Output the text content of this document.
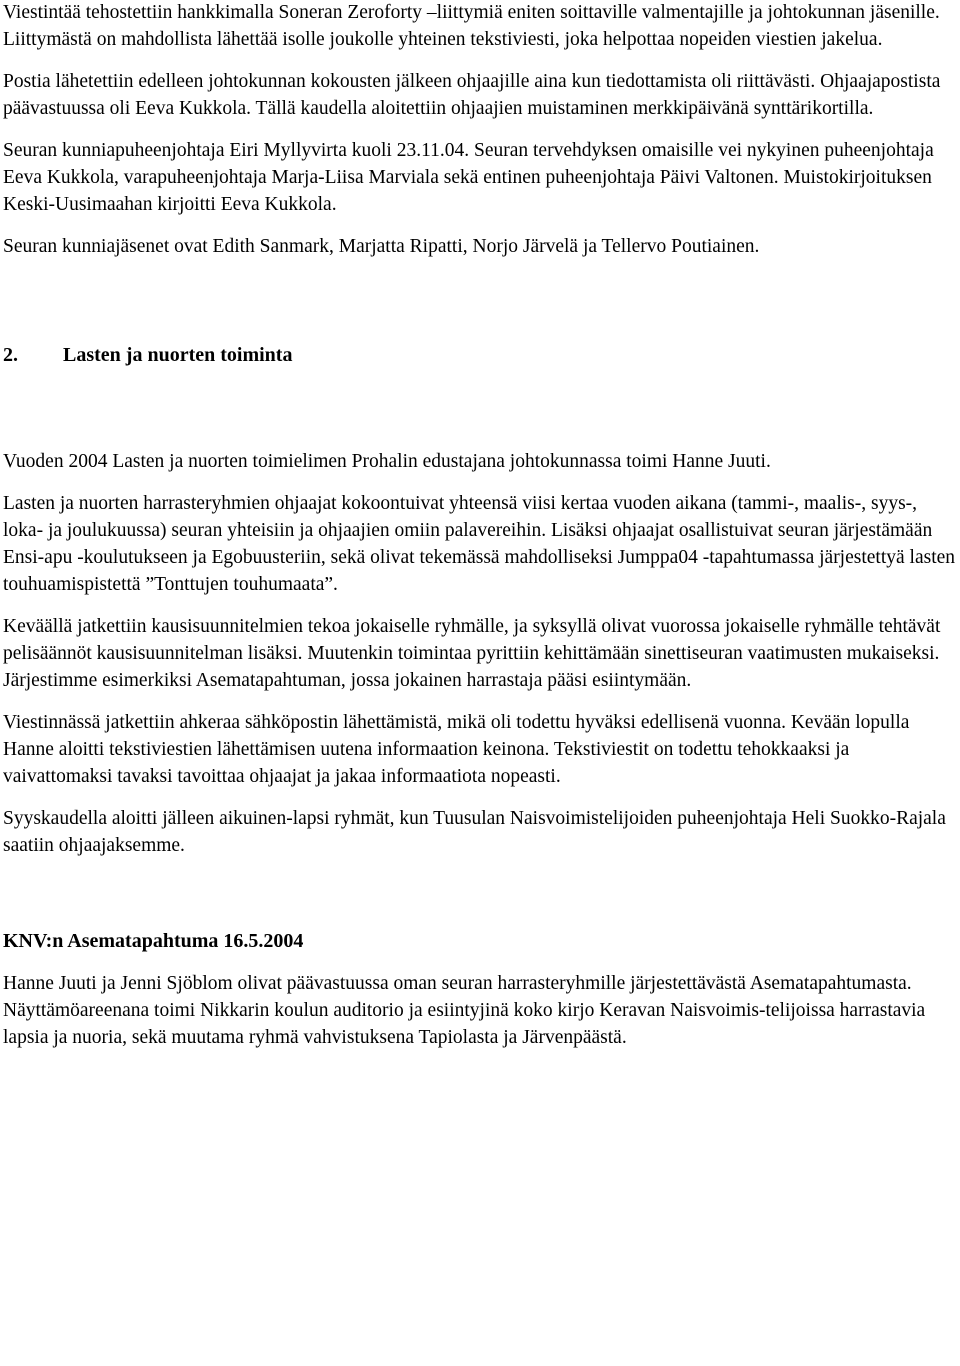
Viestintää tehostettiin hankkimalla Soneran Zeroforty –liittymiä eniten soittaville valmentajille ja johtokunnan jäsenille. Liittymästä on mahdollista lähettää isolle joukolle yhteinen tekstiviesti, joka helpottaa nopeiden viestien jakelua.

Postia lähetettiin edelleen johtokunnan kokousten jälkeen ohjaajille aina kun tiedottamista oli riittävästi. Ohjaajapostista päävastuussa oli Eeva Kukkola. Tällä kaudella aloitettiin ohjaajien muistaminen merkkipäivänä synttärikortilla.

Seuran kunniapuheenjohtaja Eiri Myllyvirta kuoli 23.11.04. Seuran tervehdyksen omaisille vei nykyinen puheenjohtaja Eeva Kukkola, varapuheenjohtaja Marja-Liisa Marviala sekä entinen puheenjohtaja Päivi Valtonen. Muistokirjoituksen Keski-Uusimaahan kirjoitti Eeva Kukkola.

Seuran kunniajäsenet ovat Edith Sanmark, Marjatta Ripatti, Norjo Järvelä ja Tellervo Poutiainen.

2. Lasten ja nuorten toiminta

Vuoden 2004 Lasten ja nuorten toimielimen Prohalin edustajana johtokunnassa toimi Hanne Juuti.

Lasten ja nuorten harrasteryhmien ohjaajat kokoontuivat yhteensä viisi kertaa vuoden aikana (tammi-, maalis-, syys-, loka- ja joulukuussa) seuran yhteisiin ja ohjaajien omiin palavereihin. Lisäksi ohjaajat osallistuivat seuran järjestämään Ensi-apu -koulutukseen ja Egobuusteriin, sekä olivat tekemässä mahdolliseksi Jumppa04 -tapahtumassa järjestettyä lasten touhuamispistettä ”Tonttujen touhumaata”.

Keväällä jatkettiin kausisuunnitelmien tekoa jokaiselle ryhmälle, ja syksyllä olivat vuorossa jokaiselle ryhmälle tehtävät pelisäännöt kausisuunnitelman lisäksi. Muutenkin toimintaa pyrittiin kehittämään sinettiseuran vaatimusten mukaiseksi. Järjestimme esimerkiksi Asematapahtuman, jossa jokainen harrastaja pääsi esiintymään.

Viestinnässä jatkettiin ahkeraa sähköpostin lähettämistä, mikä oli todettu hyväksi edellisenä vuonna. Kevään lopulla Hanne aloitti tekstiviestien lähettämisen uutena informaation keinona. Tekstiviestit on todettu tehokkaaksi ja vaivattomaksi tavaksi tavoittaa ohjaajat ja jakaa informaatiota nopeasti.

Syyskaudella aloitti jälleen aikuinen-lapsi ryhmät, kun Tuusulan Naisvoimistelijoiden puheenjohtaja Heli Suokko-Rajala saatiin ohjaajaksemme.

KNV:n Asematapahtuma 16.5.2004

Hanne Juuti ja Jenni Sjöblom olivat päävastuussa oman seuran harrasteryhmille järjestettävästä Asematapahtumasta. Näyttämöareenana toimi Nikkarin koulun auditorio ja esiintyjinä koko kirjo Keravan Naisvoimis-telijoissa harrastavia lapsia ja nuoria, sekä muutama ryhmä vahvistuksena Tapiolasta ja Järvenpäästä.
